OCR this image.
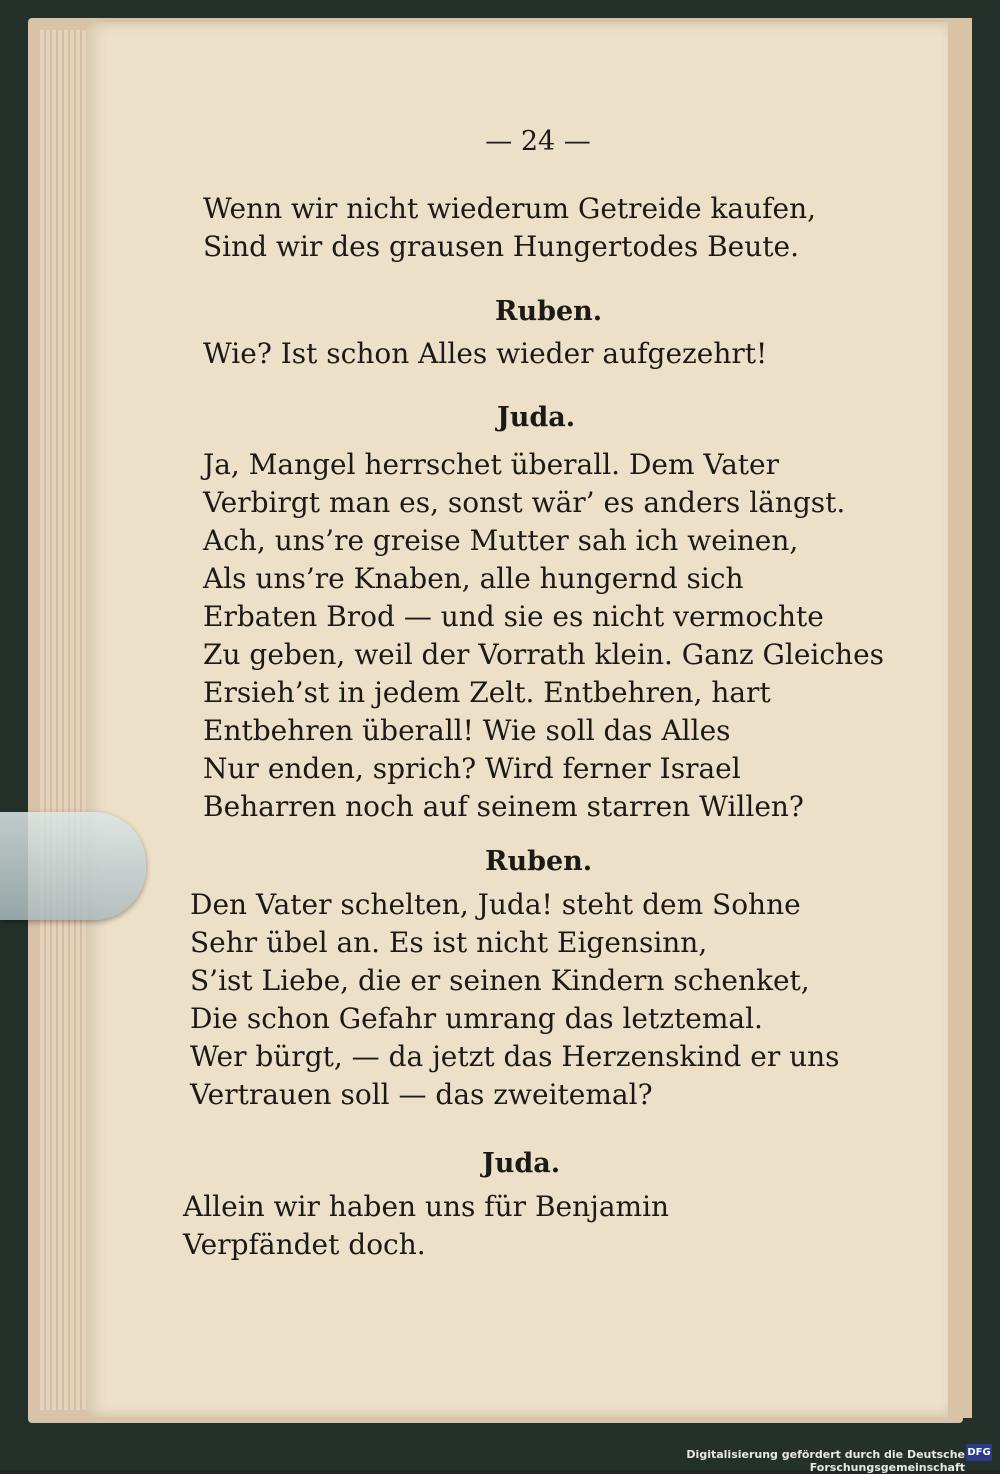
— 24 —
Wenn wir nicht wiederum Getreide kaufen,
Sind wir des grausen Hungertodes Beute.
Ruben.
Wie? Ist schon Alles wieder aufgezehrt!
Juda.
Ja, Mangel herrschet überall. Dem Vater
Verbirgt man es, sonst wär’ es anders längst.
Ach, uns’re greise Mutter sah ich weinen,
Als uns’re Knaben, alle hungernd sich
Erbaten Brod — und sie es nicht vermochte
Zu geben, weil der Vorrath klein. Ganz Gleiches
Ersieh’st in jedem Zelt. Entbehren, hart
Entbehren überall! Wie soll das Alles
Nur enden, sprich? Wird ferner Israel
Beharren noch auf seinem starren Willen?
Ruben.
Den Vater schelten, Juda! steht dem Sohne
Sehr übel an. Es ist nicht Eigensinn,
S’ist Liebe, die er seinen Kindern schenket,
Die schon Gefahr umrang das letztemal.
Wer bürgt, — da jetzt das Herzenskind er uns
Vertrauen soll — das zweitemal?
Juda.
Allein wir haben uns für Benjamin
Verpfändet doch.
Digitalisierung gefördert durch die Deutsche Forschungsgemeinschaft
DFG
